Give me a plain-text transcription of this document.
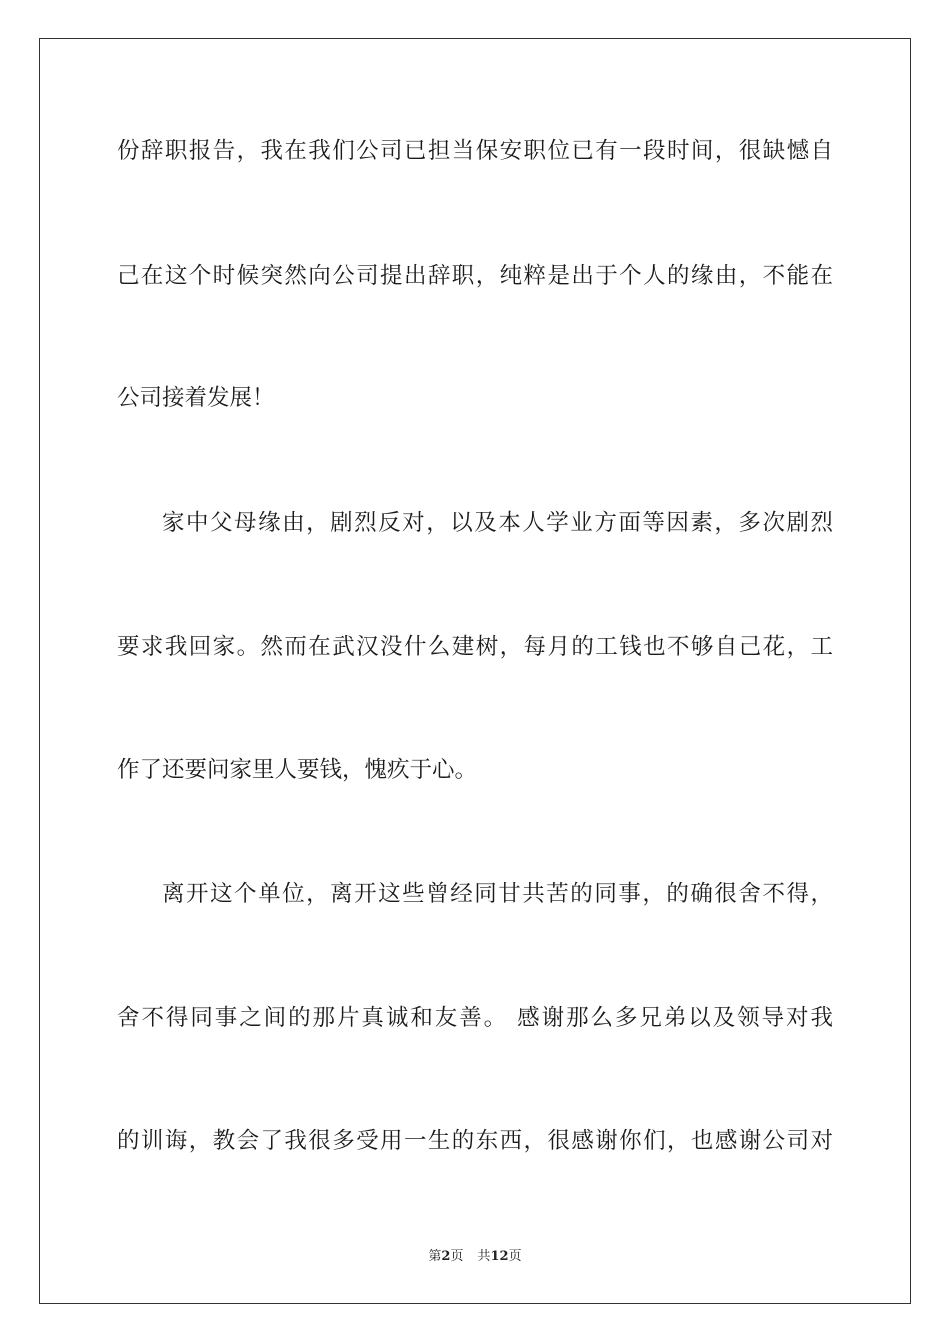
份辞职报告，我在我们公司已担当保安职位已有一段时间，很缺憾自
己在这个时候突然向公司提出辞职，纯粹是出于个人的缘由，不能在
公司接着发展！
家中父母缘由，剧烈反对，以及本人学业方面等因素，多次剧烈
要求我回家。然而在武汉没什么建树，每月的工钱也不够自己花，工
作了还要问家里人要钱，愧疚于心。
离开这个单位，离开这些曾经同甘共苦的同事，的确很舍不得，
舍不得同事之间的那片真诚和友善。 感谢那么多兄弟以及领导对我
的训诲，教会了我很多受用一生的东西，很感谢你们，也感谢公司对
第2页 共12页
